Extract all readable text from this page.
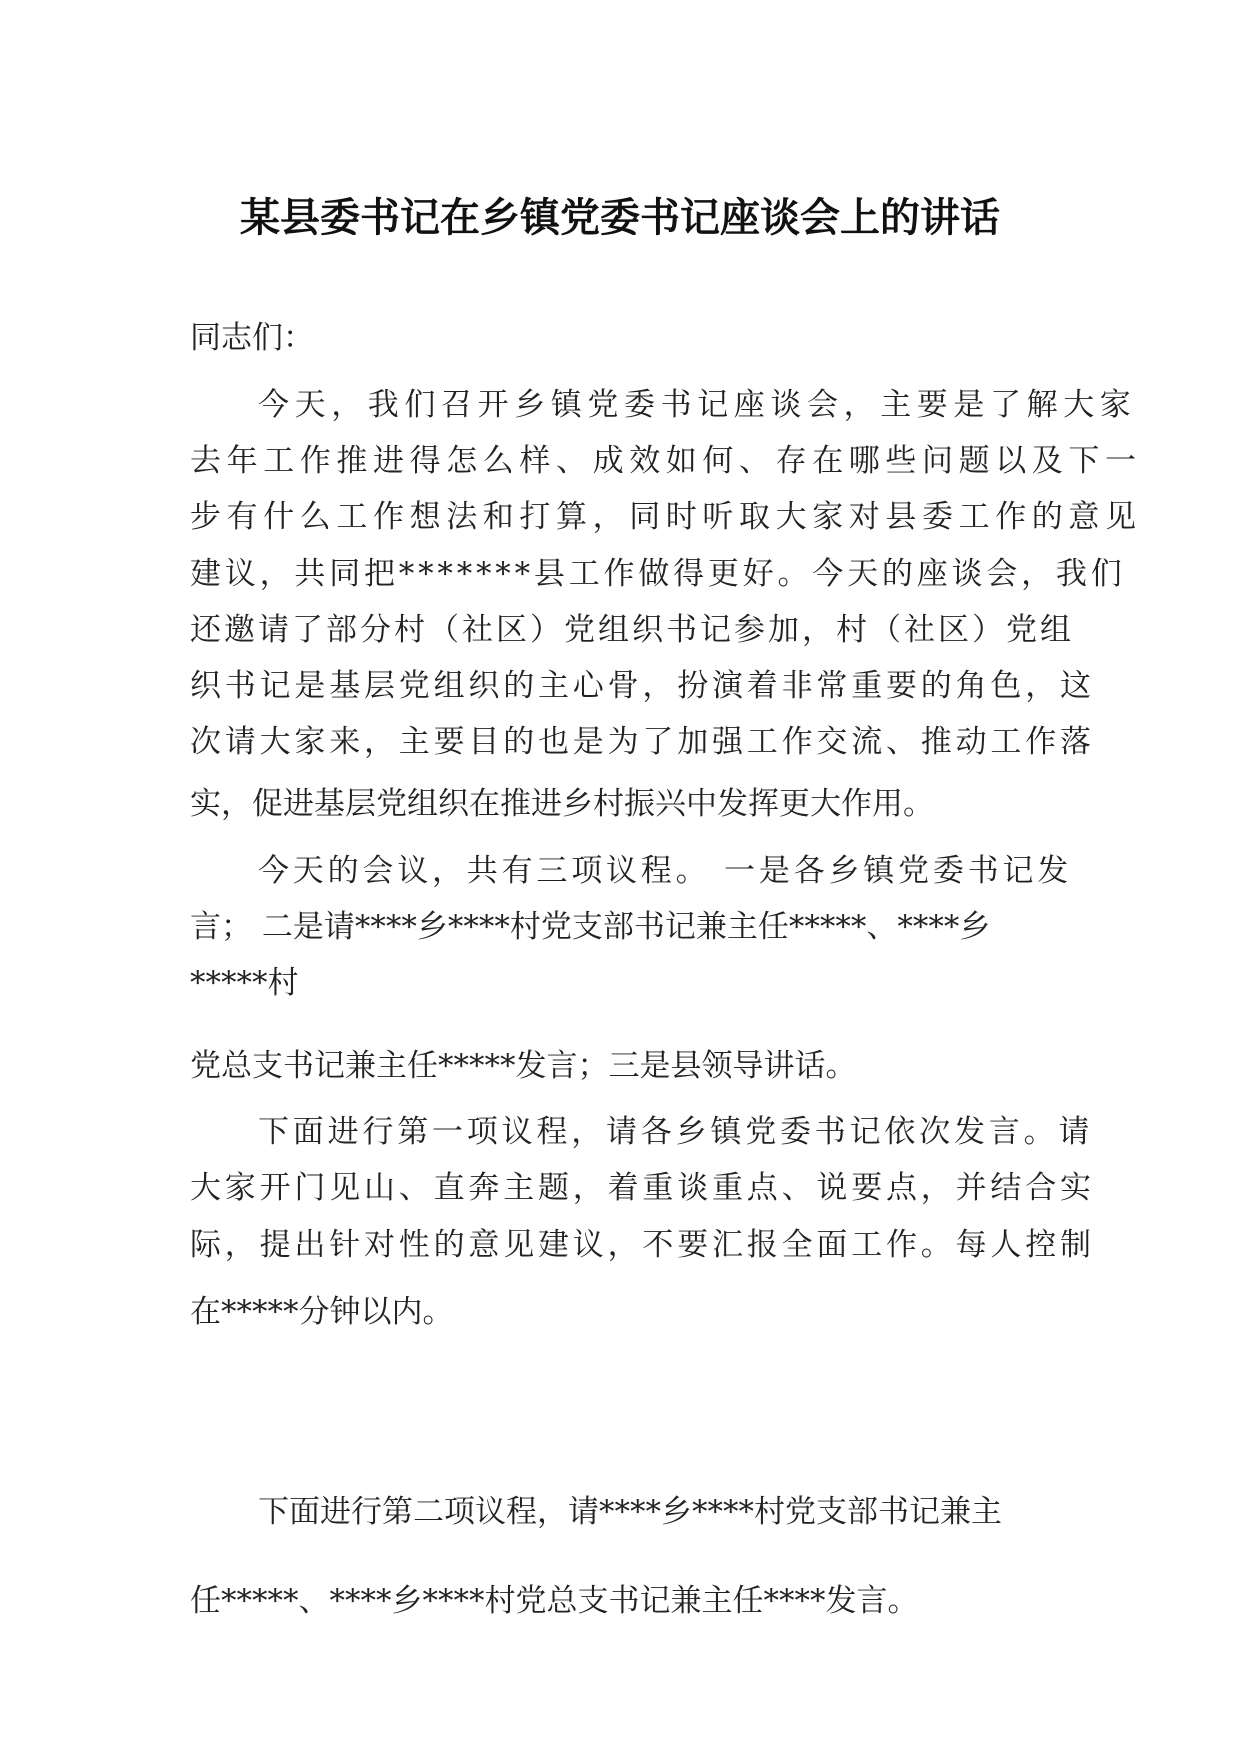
某县委书记在乡镇党委书记座谈会上的讲话
同志们：
今天，我们召开乡镇党委书记座谈会，主要是了解大家
去年工作推进得怎么样、成效如何、存在哪些问题以及下一
步有什么工作想法和打算，同时听取大家对县委工作的意见
建议，共同把*******县工作做得更好。今天的座谈会，我们
还邀请了部分村（社区）党组织书记参加，村（社区）党组
织书记是基层党组织的主心骨，扮演着非常重要的角色，这
次请大家来，主要目的也是为了加强工作交流、推动工作落
实，促进基层党组织在推进乡村振兴中发挥更大作用。
今天的会议，共有三项议程。 一是各乡镇党委书记发
言； 二是请****乡****村党支部书记兼主任*****、****乡
*****村
党总支书记兼主任*****发言；三是县领导讲话。
下面进行第一项议程，请各乡镇党委书记依次发言。请
大家开门见山、直奔主题，着重谈重点、说要点，并结合实
际，提出针对性的意见建议，不要汇报全面工作。每人控制
在*****分钟以内。
下面进行第二项议程，请****乡****村党支部书记兼主
任*****、****乡****村党总支书记兼主任****发言。
